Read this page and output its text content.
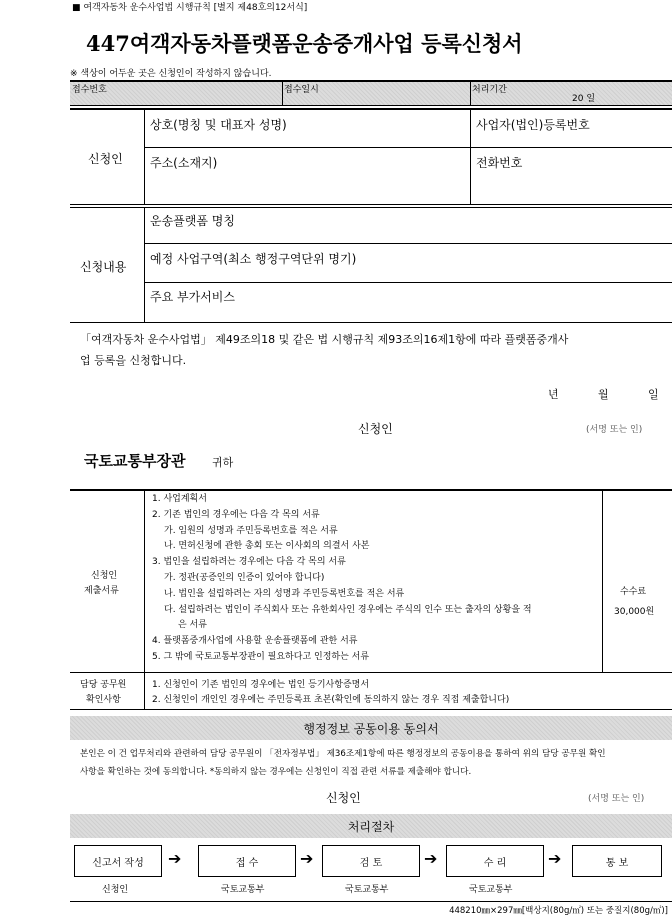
■ 여객자동차 운수사업법 시행규칙 [별지 제48호의12서식]
447여객자동차플랫폼운송중개사업 등록신청서
※ 색상이 어두운 곳은 신청인이 작성하지 않습니다.
접수번호	접수일시	처리기간
20 일
신청인
상호(명칭 및 대표자 성명)	사업자(법인)등록번호
주소(소재지)	전화번호
신청내용
운송플랫폼 명칭
예정 사업구역(최소 행정구역단위 명기)
주요 부가서비스
「여객자동차 운수사업법」 제49조의18 및 같은 법 시행규칙 제93조의16제1항에 따라 플랫폼중개사
업 등록을 신청합니다.
년	월	일
신청인	(서명 또는 인)
국토교통부장관 귀하
신청인
제출서류
1. 사업계획서
2. 기존 법인의 경우에는 다음 각 목의 서류
가. 임원의 성명과 주민등록번호를 적은 서류
나. 면허신청에 관한 총회 또는 이사회의 의결서 사본
3. 법인을 설립하려는 경우에는 다음 각 목의 서류
가. 정관(공증인의 인증이 있어야 합니다)
나. 법인을 설립하려는 자의 성명과 주민등록번호를 적은 서류
다. 설립하려는 법인이 주식회사 또는 유한회사인 경우에는 주식의 인수 또는 출자의 상황을 적
은 서류
4. 플랫폼중개사업에 사용할 운송플랫폼에 관한 서류
5. 그 밖에 국토교통부장관이 필요하다고 인정하는 서류
수수료
30,000원
담당 공무원
확인사항
1. 신청인이 기존 법인의 경우에는 법인 등기사항증명서
2. 신청인이 개인인 경우에는 주민등록표 초본(확인에 동의하지 않는 경우 직접 제출합니다)
행정정보 공동이용 동의서
본인은 이 건 업무처리와 관련하여 담당 공무원이 「전자정부법」 제36조제1항에 따른 행정정보의 공동이용을 통하여 위의 담당 공무원 확인
사항을 확인하는 것에 동의합니다. *동의하지 않는 경우에는 신청인이 직접 관련 서류를 제출해야 합니다.
신청인	(서명 또는 인)
처리절차
신고서 작성 ➔	접 수	➔	검 토	➔	수 리	➔	통 보
신청인	국토교통부	국토교통부	국토교통부
448210㎜×297㎜[백상지(80g/㎡) 또는 중질지(80g/㎡)]
